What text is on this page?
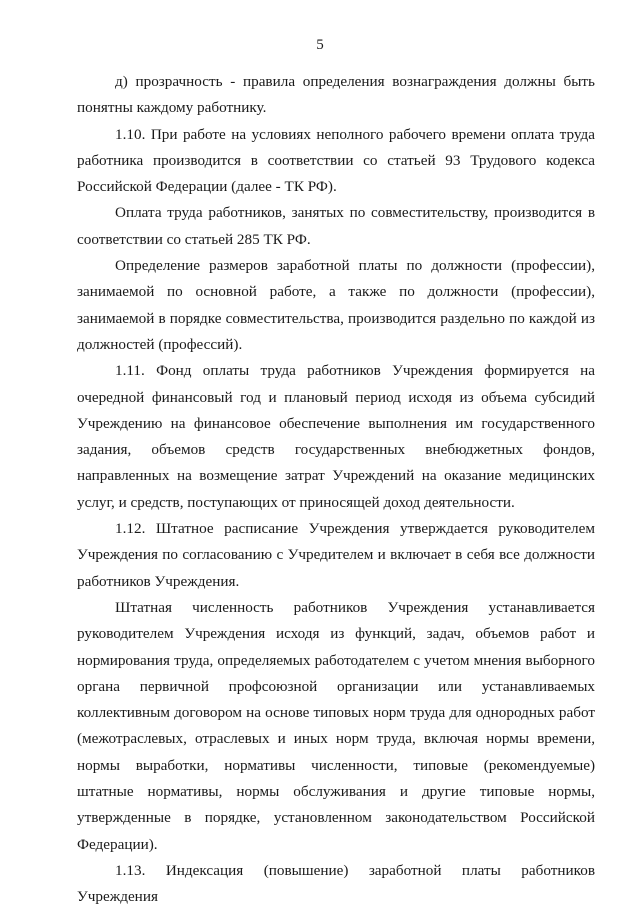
5

д) прозрачность - правила определения вознаграждения должны быть понятны каждому работнику.

1.10. При работе на условиях неполного рабочего времени оплата труда работника производится в соответствии со статьей 93 Трудового кодекса Российской Федерации (далее - ТК РФ).

Оплата труда работников, занятых по совместительству, производится в соответствии со статьей 285 ТК РФ.

Определение размеров заработной платы по должности (профессии), занимаемой по основной работе, а также по должности (профессии), занимаемой в порядке совместительства, производится раздельно по каждой из должностей (профессий).

1.11. Фонд оплаты труда работников Учреждения формируется на очередной финансовый год и плановый период исходя из объема субсидий Учреждению на финансовое обеспечение выполнения им государственного задания, объемов средств государственных внебюджетных фондов, направленных на возмещение затрат Учреждений на оказание медицинских услуг, и средств, поступающих от приносящей доход деятельности.

1.12. Штатное расписание Учреждения утверждается руководителем Учреждения по согласованию с Учредителем и включает в себя все должности работников Учреждения.

Штатная численность работников Учреждения устанавливается руководителем Учреждения исходя из функций, задач, объемов работ и нормирования труда, определяемых работодателем с учетом мнения выборного органа первичной профсоюзной организации или устанавливаемых коллективным договором на основе типовых норм труда для однородных работ (межотраслевых, отраслевых и иных норм труда, включая нормы времени, нормы выработки, нормативы численности, типовые (рекомендуемые) штатные нормативы, нормы обслуживания и другие типовые нормы, утвержденные в порядке, установленном законодательством Российской Федерации).

1.13. Индексация (повышение) заработной платы работников Учреждения
